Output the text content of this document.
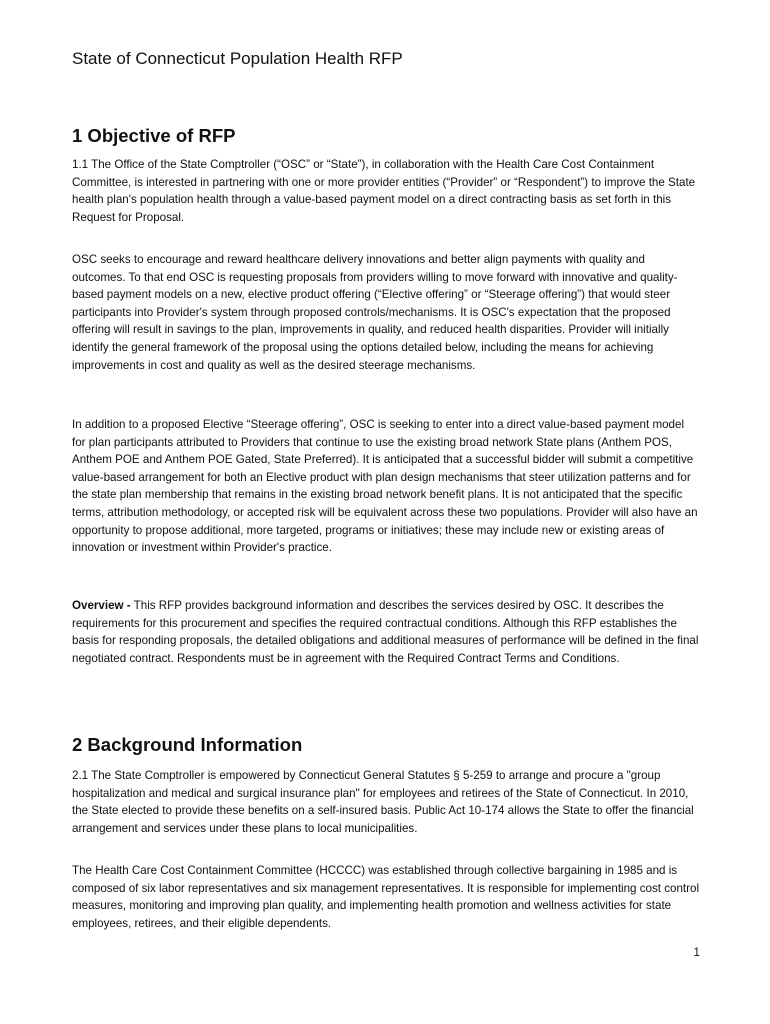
State of Connecticut Population Health RFP
1 Objective of RFP

1.1 The Office of the State Comptroller (“OSC” or “State”), in collaboration with the Health Care Cost Containment Committee, is interested in partnering with one or more provider entities (“Provider” or “Respondent”) to improve the State health plan's population health through a value-based payment model on a direct contracting basis as set forth in this Request for Proposal.

OSC seeks to encourage and reward healthcare delivery innovations and better align payments with quality and outcomes. To that end OSC is requesting proposals from providers willing to move forward with innovative and quality-based payment models on a new, elective product offering (“Elective offering” or “Steerage offering”) that would steer participants into Provider's system through proposed controls/mechanisms. It is OSC's expectation that the proposed offering will result in savings to the plan, improvements in quality, and reduced health disparities. Provider will initially identify the general framework of the proposal using the options detailed below, including the means for achieving improvements in cost and quality as well as the desired steerage mechanisms.

In addition to a proposed Elective “Steerage offering”, OSC is seeking to enter into a direct value-based payment model for plan participants attributed to Providers that continue to use the existing broad network State plans (Anthem POS, Anthem POE and Anthem POE Gated, State Preferred). It is anticipated that a successful bidder will submit a competitive value-based arrangement for both an Elective product with plan design mechanisms that steer utilization patterns and for the state plan membership that remains in the existing broad network benefit plans. It is not anticipated that the specific terms, attribution methodology, or accepted risk will be equivalent across these two populations. Provider will also have an opportunity to propose additional, more targeted, programs or initiatives; these may include new or existing areas of innovation or investment within Provider's practice.

Overview - This RFP provides background information and describes the services desired by OSC. It describes the requirements for this procurement and specifies the required contractual conditions. Although this RFP establishes the basis for responding proposals, the detailed obligations and additional measures of performance will be defined in the final negotiated contract. Respondents must be in agreement with the Required Contract Terms and Conditions.

2 Background Information

2.1 The State Comptroller is empowered by Connecticut General Statutes § 5-259 to arrange and procure a "group hospitalization and medical and surgical insurance plan" for employees and retirees of the State of Connecticut. In 2010, the State elected to provide these benefits on a self-insured basis. Public Act 10-174 allows the State to offer the financial arrangement and services under these plans to local municipalities.

The Health Care Cost Containment Committee (HCCCC) was established through collective bargaining in 1985 and is composed of six labor representatives and six management representatives. It is responsible for implementing cost control measures, monitoring and improving plan quality, and implementing health promotion and wellness activities for state employees, retirees, and their eligible dependents.

1
